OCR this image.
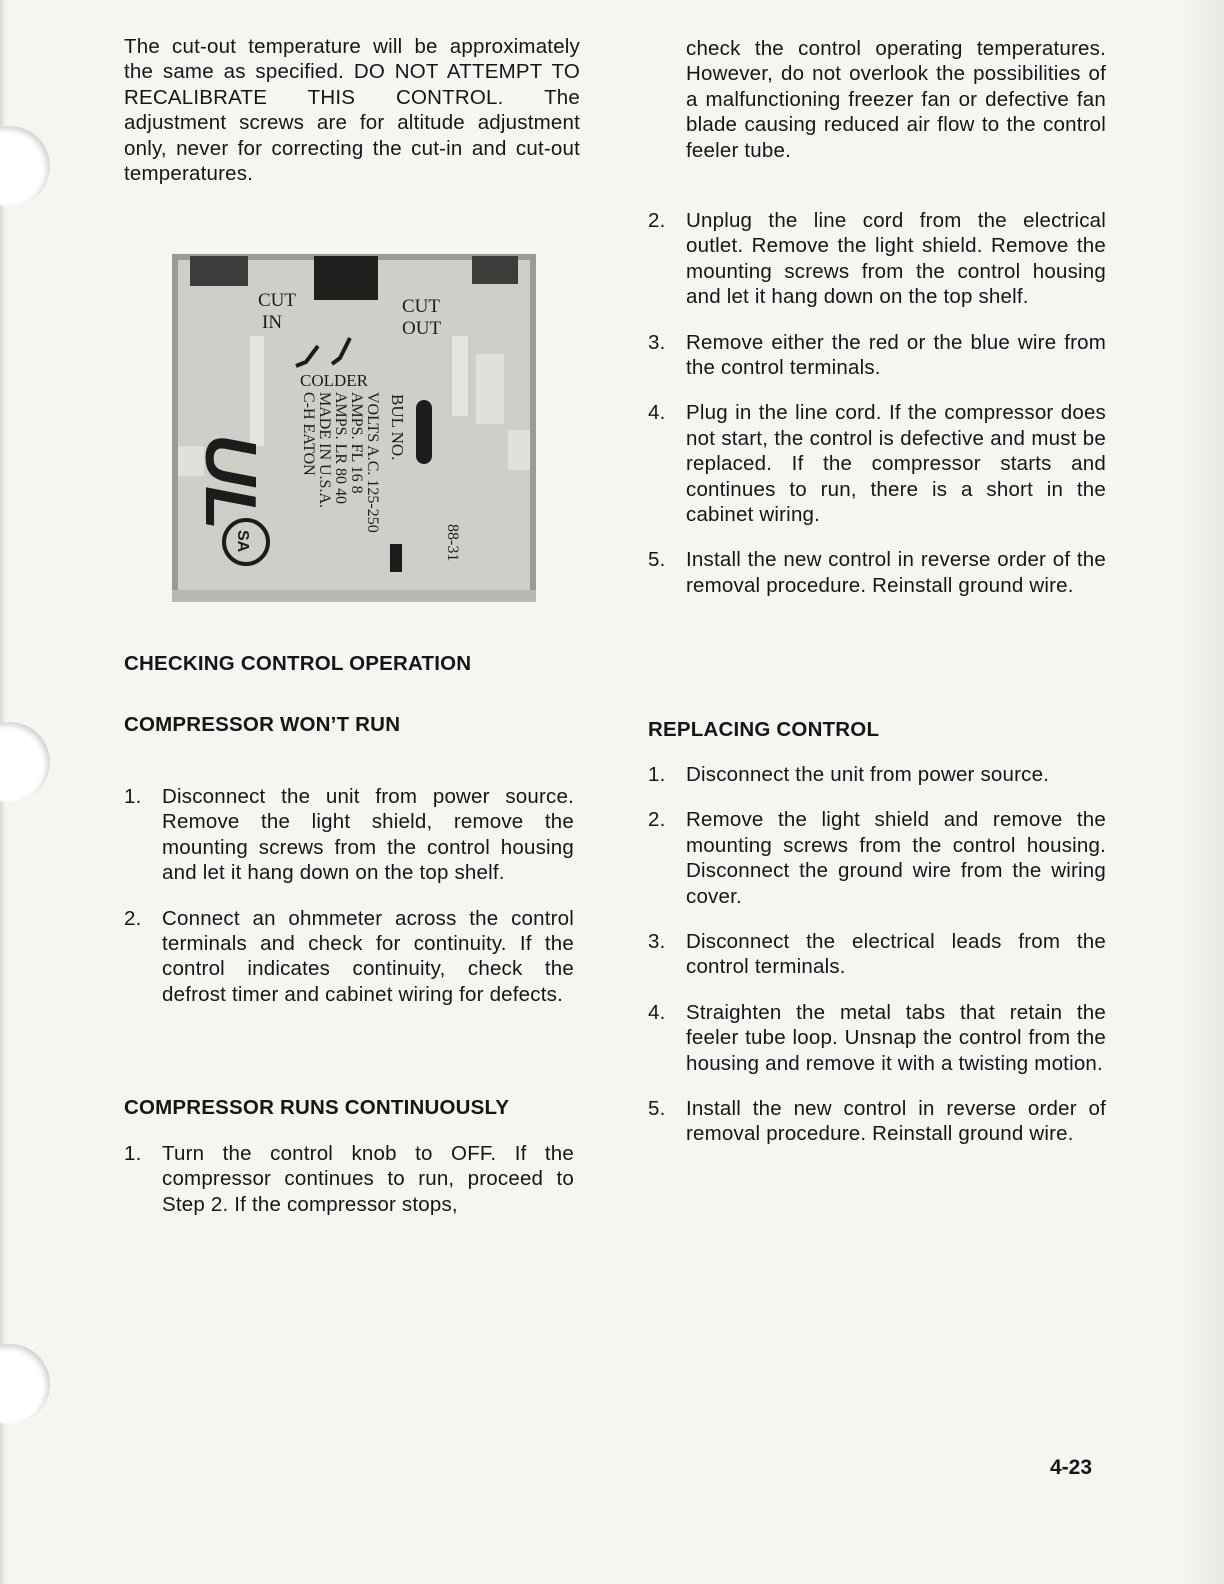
The cut-out temperature will be approximately the same as specified. DO NOT ATTEMPT TO RECALIBRATE THIS CONTROL. The adjustment screws are for altitude adjustment only, never for correcting the cut-in and cut-out temperatures.

CUT
IN
CUT
OUT
COLDER
VOLTS A.C. 125-250
AMPS. FL 16 8
AMPS. LR 80 40
MADE IN U.S.A.
C-H EATON	BUL NO.
88-31
UL
SA
CHECKING CONTROL OPERATION
COMPRESSOR WON’T RUN
1. Disconnect the unit from power source. Remove the light shield, remove the mounting screws from the control housing and let it hang down on the top shelf.
2. Connect an ohmmeter across the control terminals and check for continuity. If the control indicates continuity, check the defrost timer and cabinet wiring for defects.
COMPRESSOR RUNS CONTINUOUSLY
1. Turn the control knob to OFF. If the compressor continues to run, proceed to Step 2. If the compressor stops,

check the control operating temperatures. However, do not overlook the possibilities of a malfunctioning freezer fan or defective fan blade causing reduced air flow to the control feeler tube.

2. Unplug the line cord from the electrical outlet. Remove the light shield. Remove the mounting screws from the control housing and let it hang down on the top shelf.
3. Remove either the red or the blue wire from the control terminals.
4. Plug in the line cord. If the compressor does not start, the control is defective and must be replaced. If the compressor starts and continues to run, there is a short in the cabinet wiring.
5. Install the new control in reverse order of the removal procedure. Reinstall ground wire.
REPLACING CONTROL
1. Disconnect the unit from power source.
2. Remove the light shield and remove the mounting screws from the control housing. Disconnect the ground wire from the wiring cover.
3. Disconnect the electrical leads from the control terminals.
4. Straighten the metal tabs that retain the feeler tube loop. Unsnap the control from the housing and remove it with a twisting motion.
5. Install the new control in reverse order of removal procedure. Reinstall ground wire.
4-23
